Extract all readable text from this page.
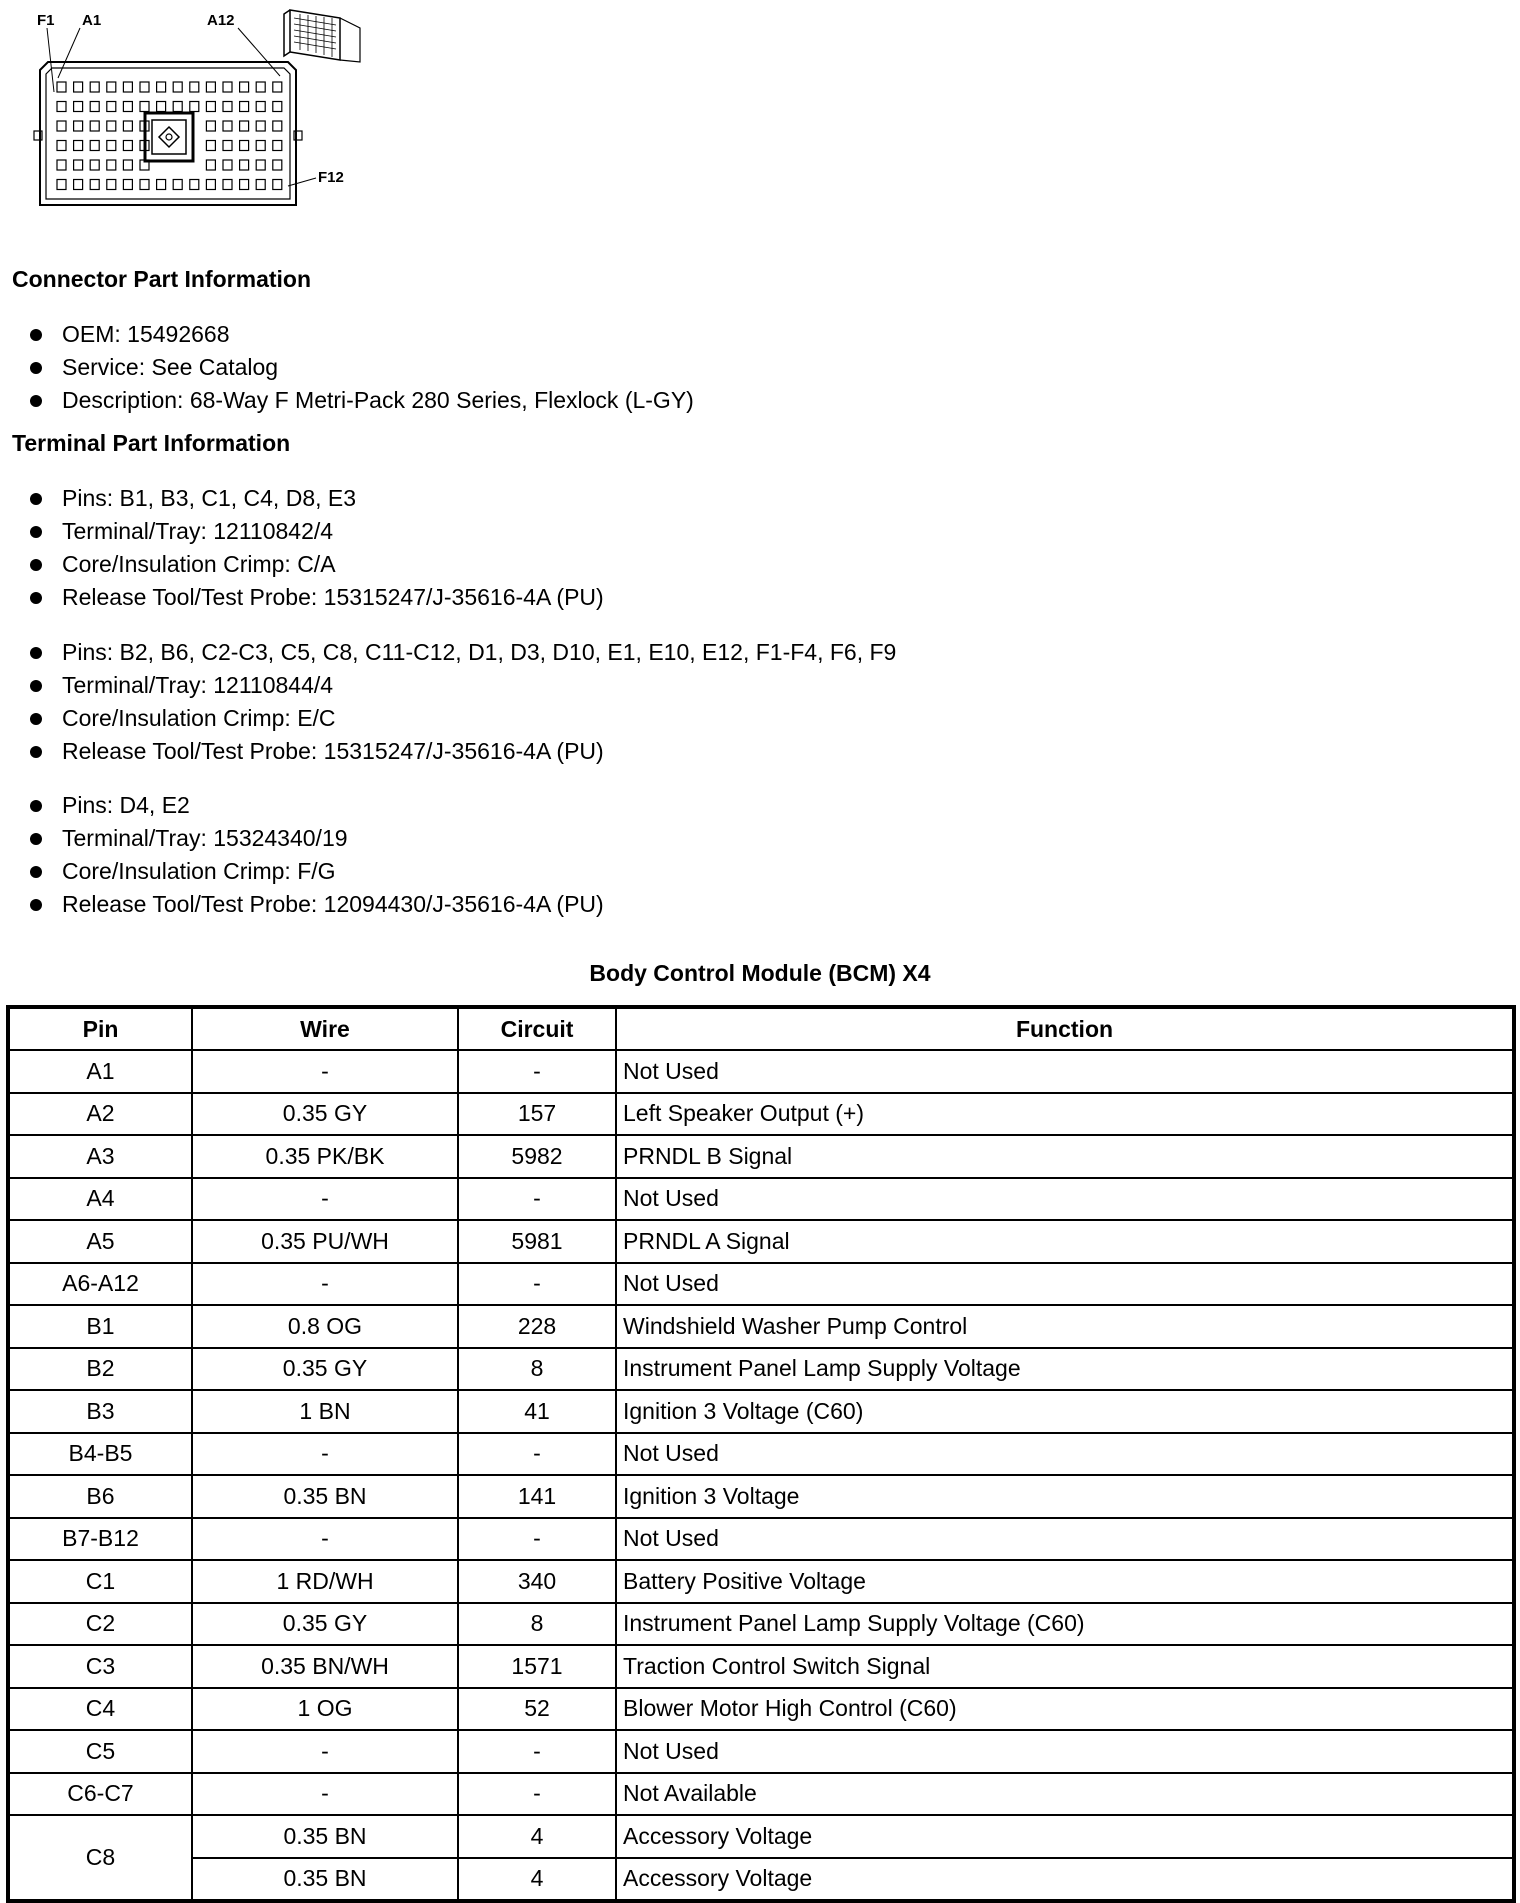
F1 A1	A12
F12
Connector Part Information
OEM: 15492668
Service: See Catalog
Description: 68-Way F Metri-Pack 280 Series, Flexlock (L-GY)
Terminal Part Information
Pins: B1, B3, C1, C4, D8, E3
Terminal/Tray: 12110842/4
Core/Insulation Crimp: C/A
Release Tool/Test Probe: 15315247/J-35616-4A (PU)
Pins: B2, B6, C2-C3, C5, C8, C11-C12, D1, D3, D10, E1, E10, E12, F1-F4, F6, F9
Terminal/Tray: 12110844/4
Core/Insulation Crimp: E/C
Release Tool/Test Probe: 15315247/J-35616-4A (PU)
Pins: D4, E2
Terminal/Tray: 15324340/19
Core/Insulation Crimp: F/G
Release Tool/Test Probe: 12094430/J-35616-4A (PU)
Body Control Module (BCM) X4
Pin	Wire	Circuit	Function
A1	-	-	Not Used
A2	0.35 GY	157	Left Speaker Output (+)
A3	0.35 PK/BK	5982	PRNDL B Signal
A4	-	-	Not Used
A5	0.35 PU/WH	5981	PRNDL A Signal
A6-A12	-	-	Not Used
B1	0.8 OG	228	Windshield Washer Pump Control
B2	0.35 GY	8	Instrument Panel Lamp Supply Voltage
B3	1 BN	41	Ignition 3 Voltage (C60)
B4-B5	-	-	Not Used
B6	0.35 BN	141	Ignition 3 Voltage
B7-B12	-	-	Not Used
C1	1 RD/WH	340	Battery Positive Voltage
C2	0.35 GY	8	Instrument Panel Lamp Supply Voltage (C60)
C3	0.35 BN/WH	1571	Traction Control Switch Signal
C4	1 OG	52	Blower Motor High Control (C60)
C5	-	-	Not Used
C6-C7	-	-	Not Available
C8	0.35 BN	4	Accessory Voltage
	0.35 BN	4	Accessory Voltage
